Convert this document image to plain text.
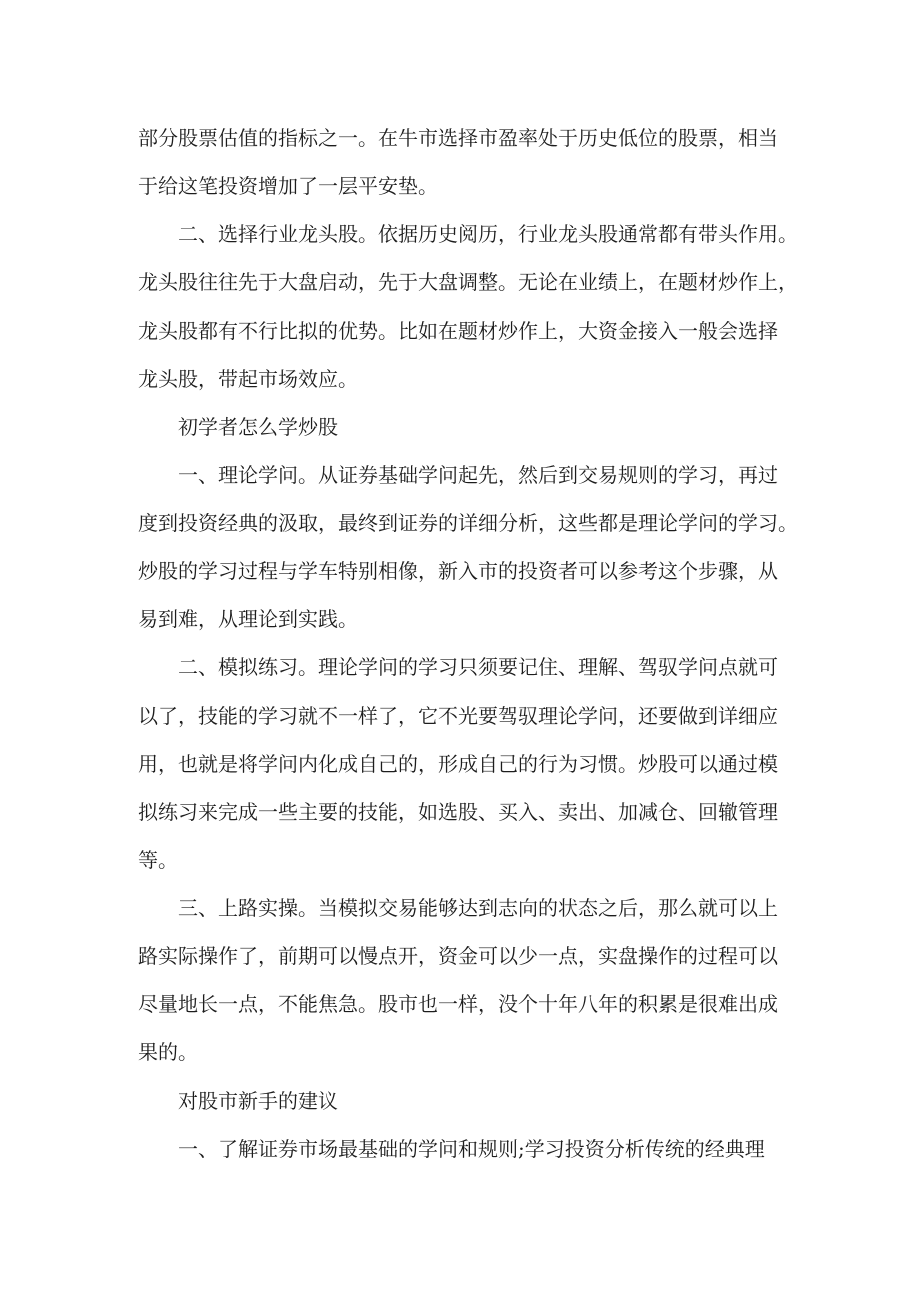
部分股票估值的指标之一。在牛市选择市盈率处于历史低位的股票，相当
于给这笔投资增加了一层平安垫。
二、选择行业龙头股。依据历史阅历，行业龙头股通常都有带头作用。
龙头股往往先于大盘启动，先于大盘调整。无论在业绩上，在题材炒作上，
龙头股都有不行比拟的优势。比如在题材炒作上，大资金接入一般会选择
龙头股，带起市场效应。
初学者怎么学炒股
一、理论学问。从证券基础学问起先，然后到交易规则的学习，再过
度到投资经典的汲取，最终到证券的详细分析，这些都是理论学问的学习。
炒股的学习过程与学车特别相像，新入市的投资者可以参考这个步骤，从
易到难，从理论到实践。
二、模拟练习。理论学问的学习只须要记住、理解、驾驭学问点就可
以了，技能的学习就不一样了，它不光要驾驭理论学问，还要做到详细应
用，也就是将学问内化成自己的，形成自己的行为习惯。炒股可以通过模
拟练习来完成一些主要的技能，如选股、买入、卖出、加减仓、回辙管理
等。
三、上路实操。当模拟交易能够达到志向的状态之后，那么就可以上
路实际操作了，前期可以慢点开，资金可以少一点，实盘操作的过程可以
尽量地长一点，不能焦急。股市也一样，没个十年八年的积累是很难出成
果的。
对股市新手的建议
一、了解证券市场最基础的学问和规则;学习投资分析传统的经典理
